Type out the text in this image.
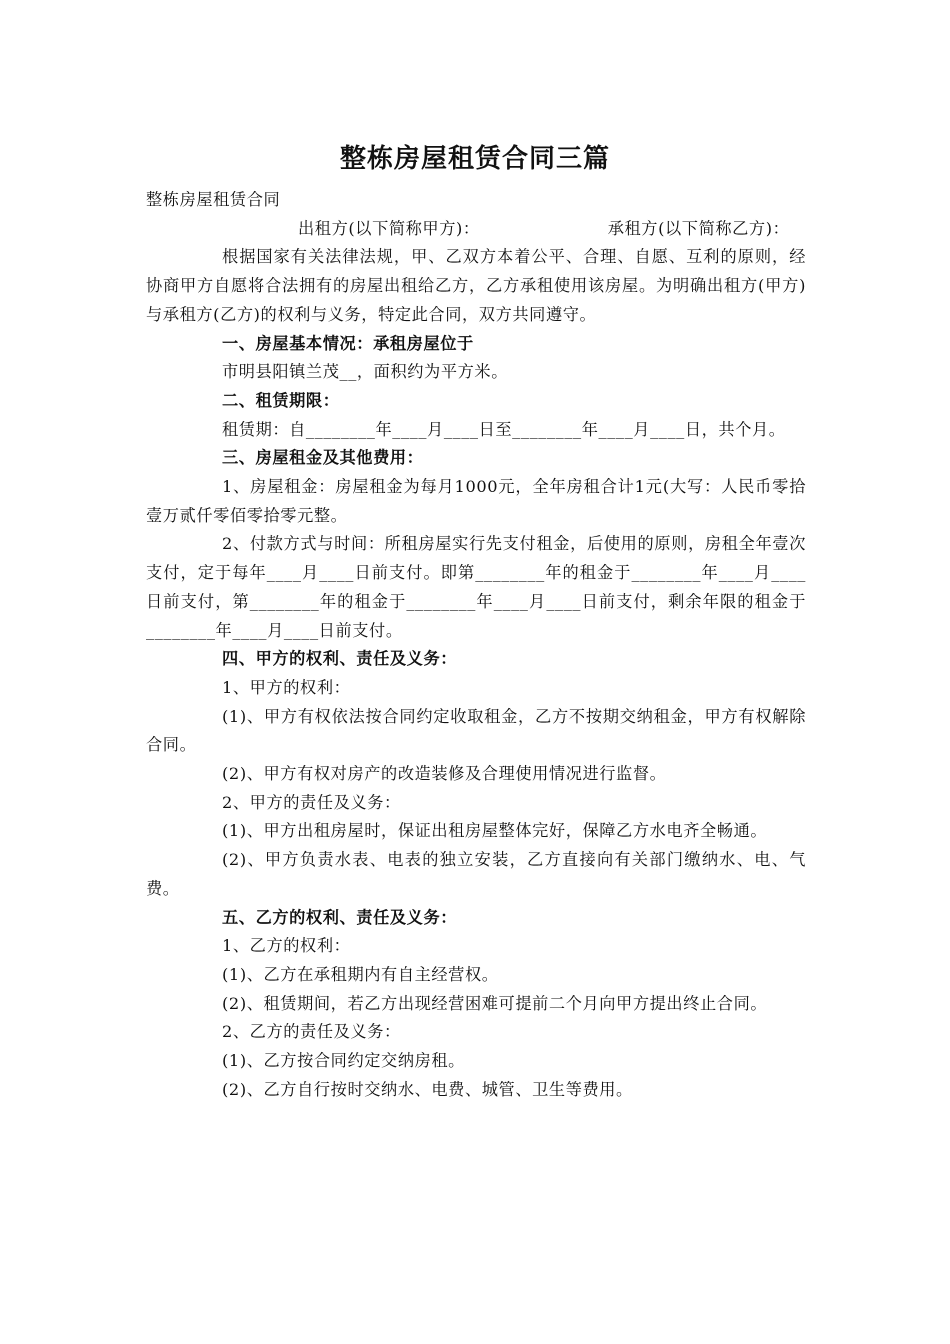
整栋房屋租赁合同三篇

整栋房屋租赁合同

出租方(以下简称甲方)：	承租方(以下简称乙方)：

根据国家有关法律法规，甲、乙双方本着公平、合理、自愿、互利的原则，经协商甲方自愿将合法拥有的房屋出租给乙方，乙方承租使用该房屋。为明确出租方(甲方)与承租方(乙方)的权利与义务，特定此合同，双方共同遵守。

一、房屋基本情况：承租房屋位于

市明县阳镇兰茂__，面积约为平方米。

二、租赁期限：

租赁期：自________年____月____日至________年____月____日，共个月。

三、房屋租金及其他费用：

1、房屋租金：房屋租金为每月1000元，全年房租合计1元(大写：人民币零拾壹万贰仟零佰零拾零元整。

2、付款方式与时间：所租房屋实行先支付租金，后使用的原则，房租全年壹次支付，定于每年____月____日前支付。即第________年的租金于________年____月____日前支付，第________年的租金于________年____月____日前支付，剩余年限的租金于________年____月____日前支付。

四、甲方的权利、责任及义务：

1、甲方的权利：

(1)、甲方有权依法按合同约定收取租金，乙方不按期交纳租金，甲方有权解除合同。

(2)、甲方有权对房产的改造装修及合理使用情况进行监督。

2、甲方的责任及义务：

(1)、甲方出租房屋时，保证出租房屋整体完好，保障乙方水电齐全畅通。

(2)、甲方负责水表、电表的独立安装，乙方直接向有关部门缴纳水、电、气费。

五、乙方的权利、责任及义务：

1、乙方的权利：

(1)、乙方在承租期内有自主经营权。

(2)、租赁期间，若乙方出现经营困难可提前二个月向甲方提出终止合同。

2、乙方的责任及义务：

(1)、乙方按合同约定交纳房租。

(2)、乙方自行按时交纳水、电费、城管、卫生等费用。
